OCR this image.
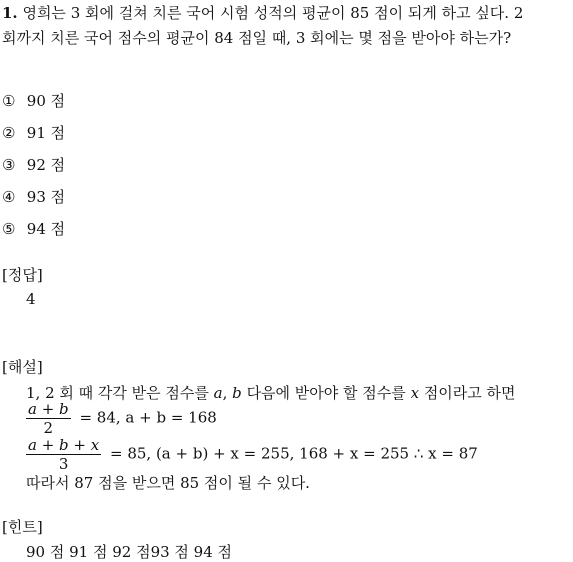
1. 영희는 3 회에 걸쳐 치른 국어 시험 성적의 평균이 85 점이 되게 하고 싶다. 2
회까지 치른 국어 점수의 평균이 84 점일 때, 3 회에는 몇 점을 받아야 하는가?
① 90 점
② 91 점
③ 92 점
④ 93 점
⑤ 94 점
[정답]
4
[해설]
1, 2 회 때 각각 받은 점수를 a, b 다음에 받아야 할 점수를 x 점이라고 하면
$\frac{a + b}{2} = 84$, a + b = 168
$\frac{a + b + x}{3} = 85$, (a + b) + x = 255, 168 + x = 255 ∴ x = 87
따라서 87 점을 받으면 85 점이 될 수 있다.
[힌트]
90 점 91 점 92 점93 점 94 점
